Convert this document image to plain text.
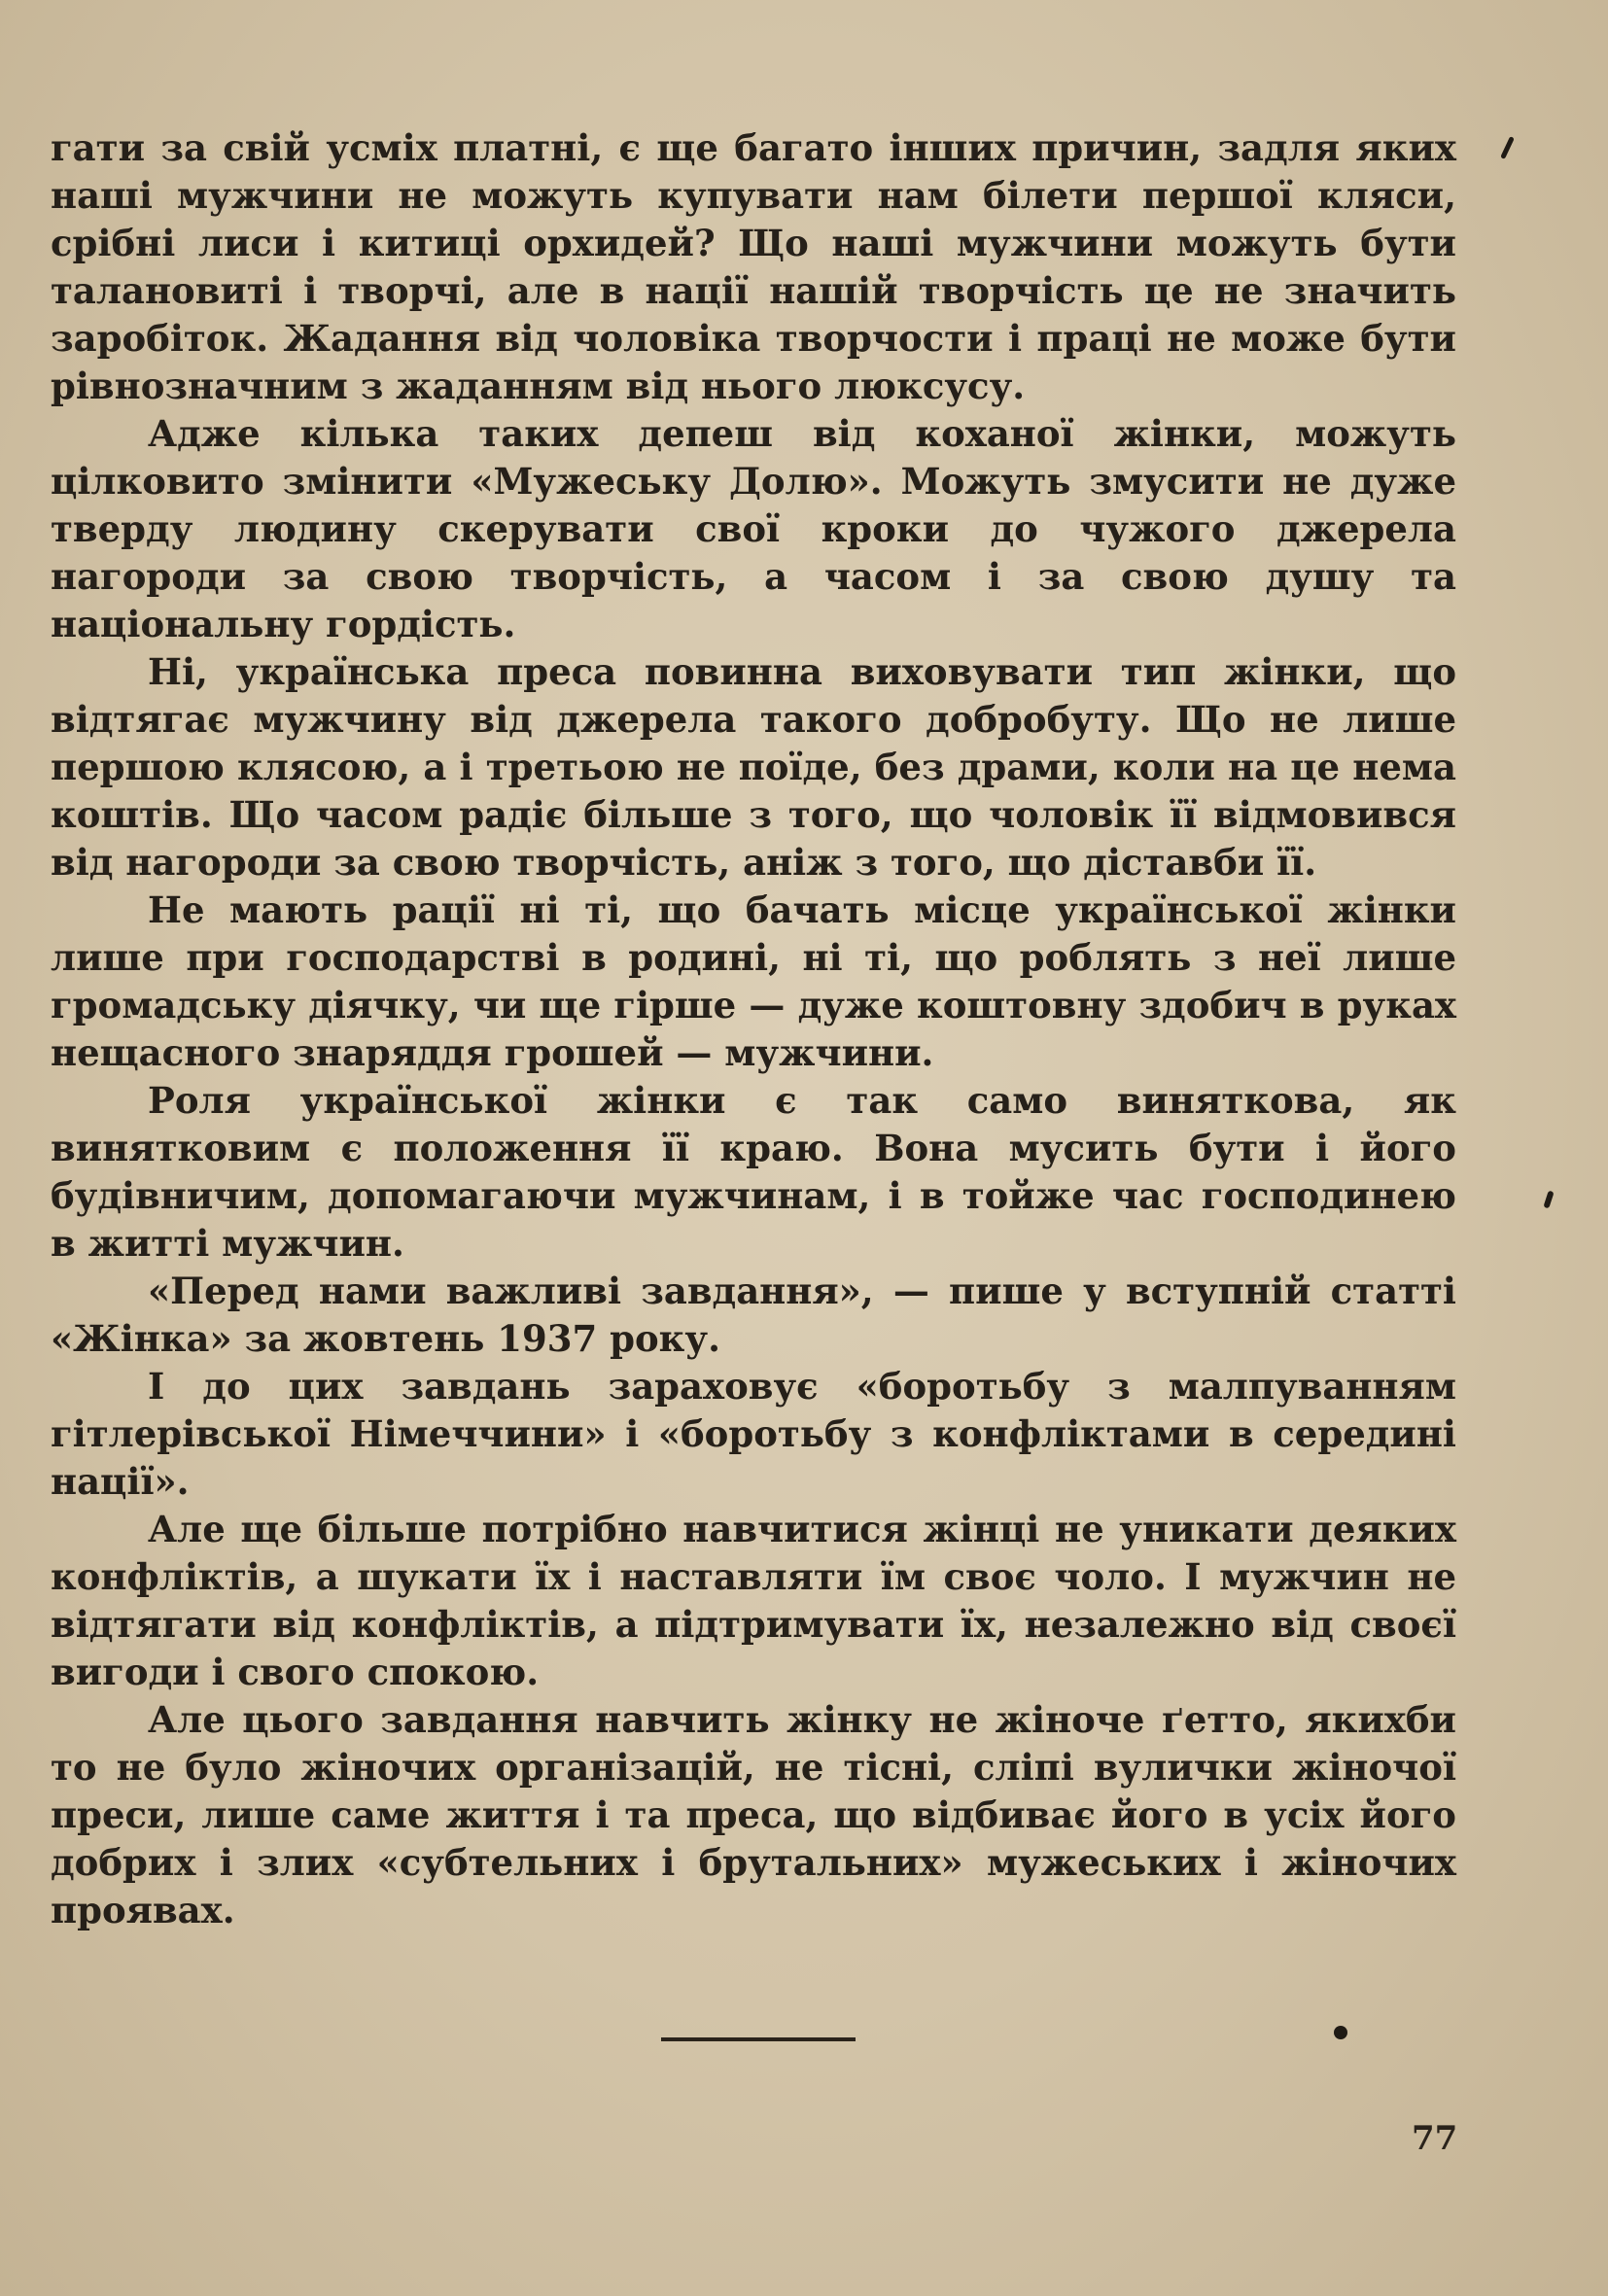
гати за свій усміх платні, є ще багато інших причин, задля яких наші мужчини не можуть купувати нам білети першої кляси, срібні лиси і китиці орхидей? Що наші мужчини можуть бути талановиті і творчі, але в нації нашій творчість це не значить заробіток. Жадання від чоловіка творчости і праці не може бути рівнозначним з жаданням від нього люксусу.

Адже кілька таких депеш від коханої жінки, можуть цілковито змінити «Мужеську Долю». Можуть змусити не дуже тверду людину скерувати свої кроки до чужого джерела нагороди за свою творчість, а часом і за свою душу та національну гордість.

Ні, українська преса повинна виховувати тип жінки, що відтягає мужчину від джерела такого добробуту. Що не лише першою клясою, а і третьою не поїде, без драми, коли на це нема коштів. Що часом радіє більше з того, що чоловік її відмовився від нагороди за свою творчість, аніж з того, що діставби її.

Не мають рації ні ті, що бачать місце української жінки лише при господарстві в родині, ні ті, що роблять з неї лише громадську діячку, чи ще гірше — дуже коштовну здобич в руках нещасного знаряддя грошей — мужчини.

Роля української жінки є так само виняткова, як винятковим є положення її краю. Вона мусить бути і його будівничим, допомагаючи мужчинам, і в тойже час господинею в житті мужчин.

«Перед нами важливі завдання», — пише у вступній статті «Жінка» за жовтень 1937 року.

І до цих завдань зараховує «боротьбу з малпуванням гітлерівської Німеччини» і «боротьбу з конфліктами в середині нації».

Але ще більше потрібно навчитися жінці не уникати деяких конфліктів, а шукати їх і наставляти їм своє чоло. І мужчин не відтягати від конфліктів, а підтримувати їх, незалежно від своєї вигоди і свого спокою.

Але цього завдання навчить жінку не жіноче ґетто, якихби то не було жіночих організацій, не тісні, сліпі вулички жіночої преси, лише саме життя і та преса, що відбиває його в усіх його добрих і злих «субтельних і брутальних» мужеських і жіночих проявах.

77
